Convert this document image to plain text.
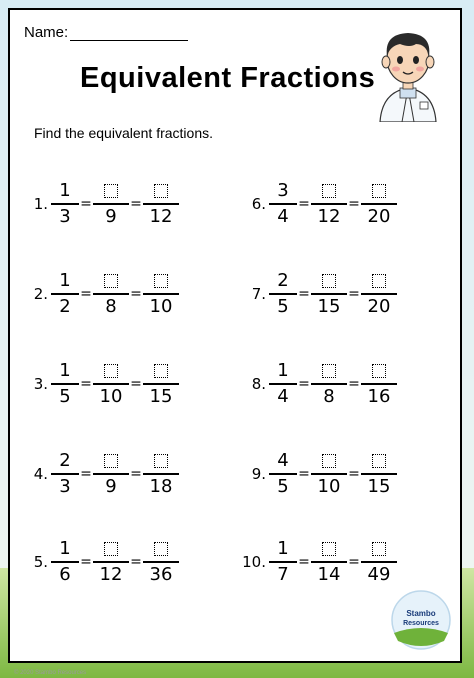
Name:
Equivalent Fractions
Find the equivalent fractions.
1. $\frac{1}{3}$ =
9
=
12
2. $\frac{1}{2}$ =
8
=
10
3. $\frac{1}{5}$ =
10
=
15
4. $\frac{2}{3}$ =
9
=
18
5. $\frac{1}{6}$ =
12
=
36
6. $\frac{3}{4}$ =
12
=
20
7. $\frac{2}{5}$ =
15
=
20
8. $\frac{1}{4}$ =
8
=
16
9. $\frac{4}{5}$ =
10
=
15
10. $\frac{1}{7}$ =
14
=
49
Stambo
Resources
© 2020 Stambo Resources
